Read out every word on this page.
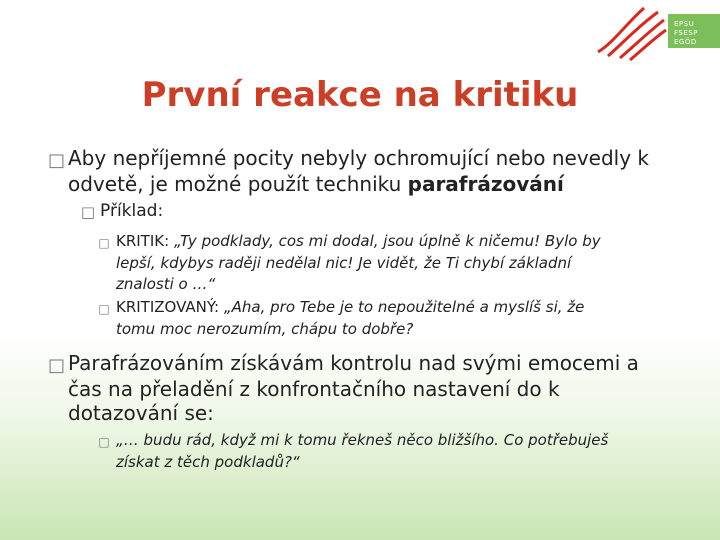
EPSU
FSESP
EGÖD
První reakce na kritiku
□ Aby nepříjemné pocity nebyly ochromující nebo nevedly k
odvetě, je možné použít techniku parafrázování
□ Příklad:
□ KRITIK: „Ty podklady, cos mi dodal, jsou úplně k ničemu! Bylo by
lepší, kdybys raději nedělal nic! Je vidět, že Ti chybí základní
znalosti o …“
□ KRITIZOVANÝ: „Aha, pro Tebe je to nepoužitelné a myslíš si, že
tomu moc nerozumím, chápu to dobře?
□ Parafrázováním získávám kontrolu nad svými emocemi a
čas na přeladění z konfrontačního nastavení do k
dotazování se:
□ „… budu rád, když mi k tomu řekneš něco bližšího. Co potřebuješ
získat z těch podkladů?“
